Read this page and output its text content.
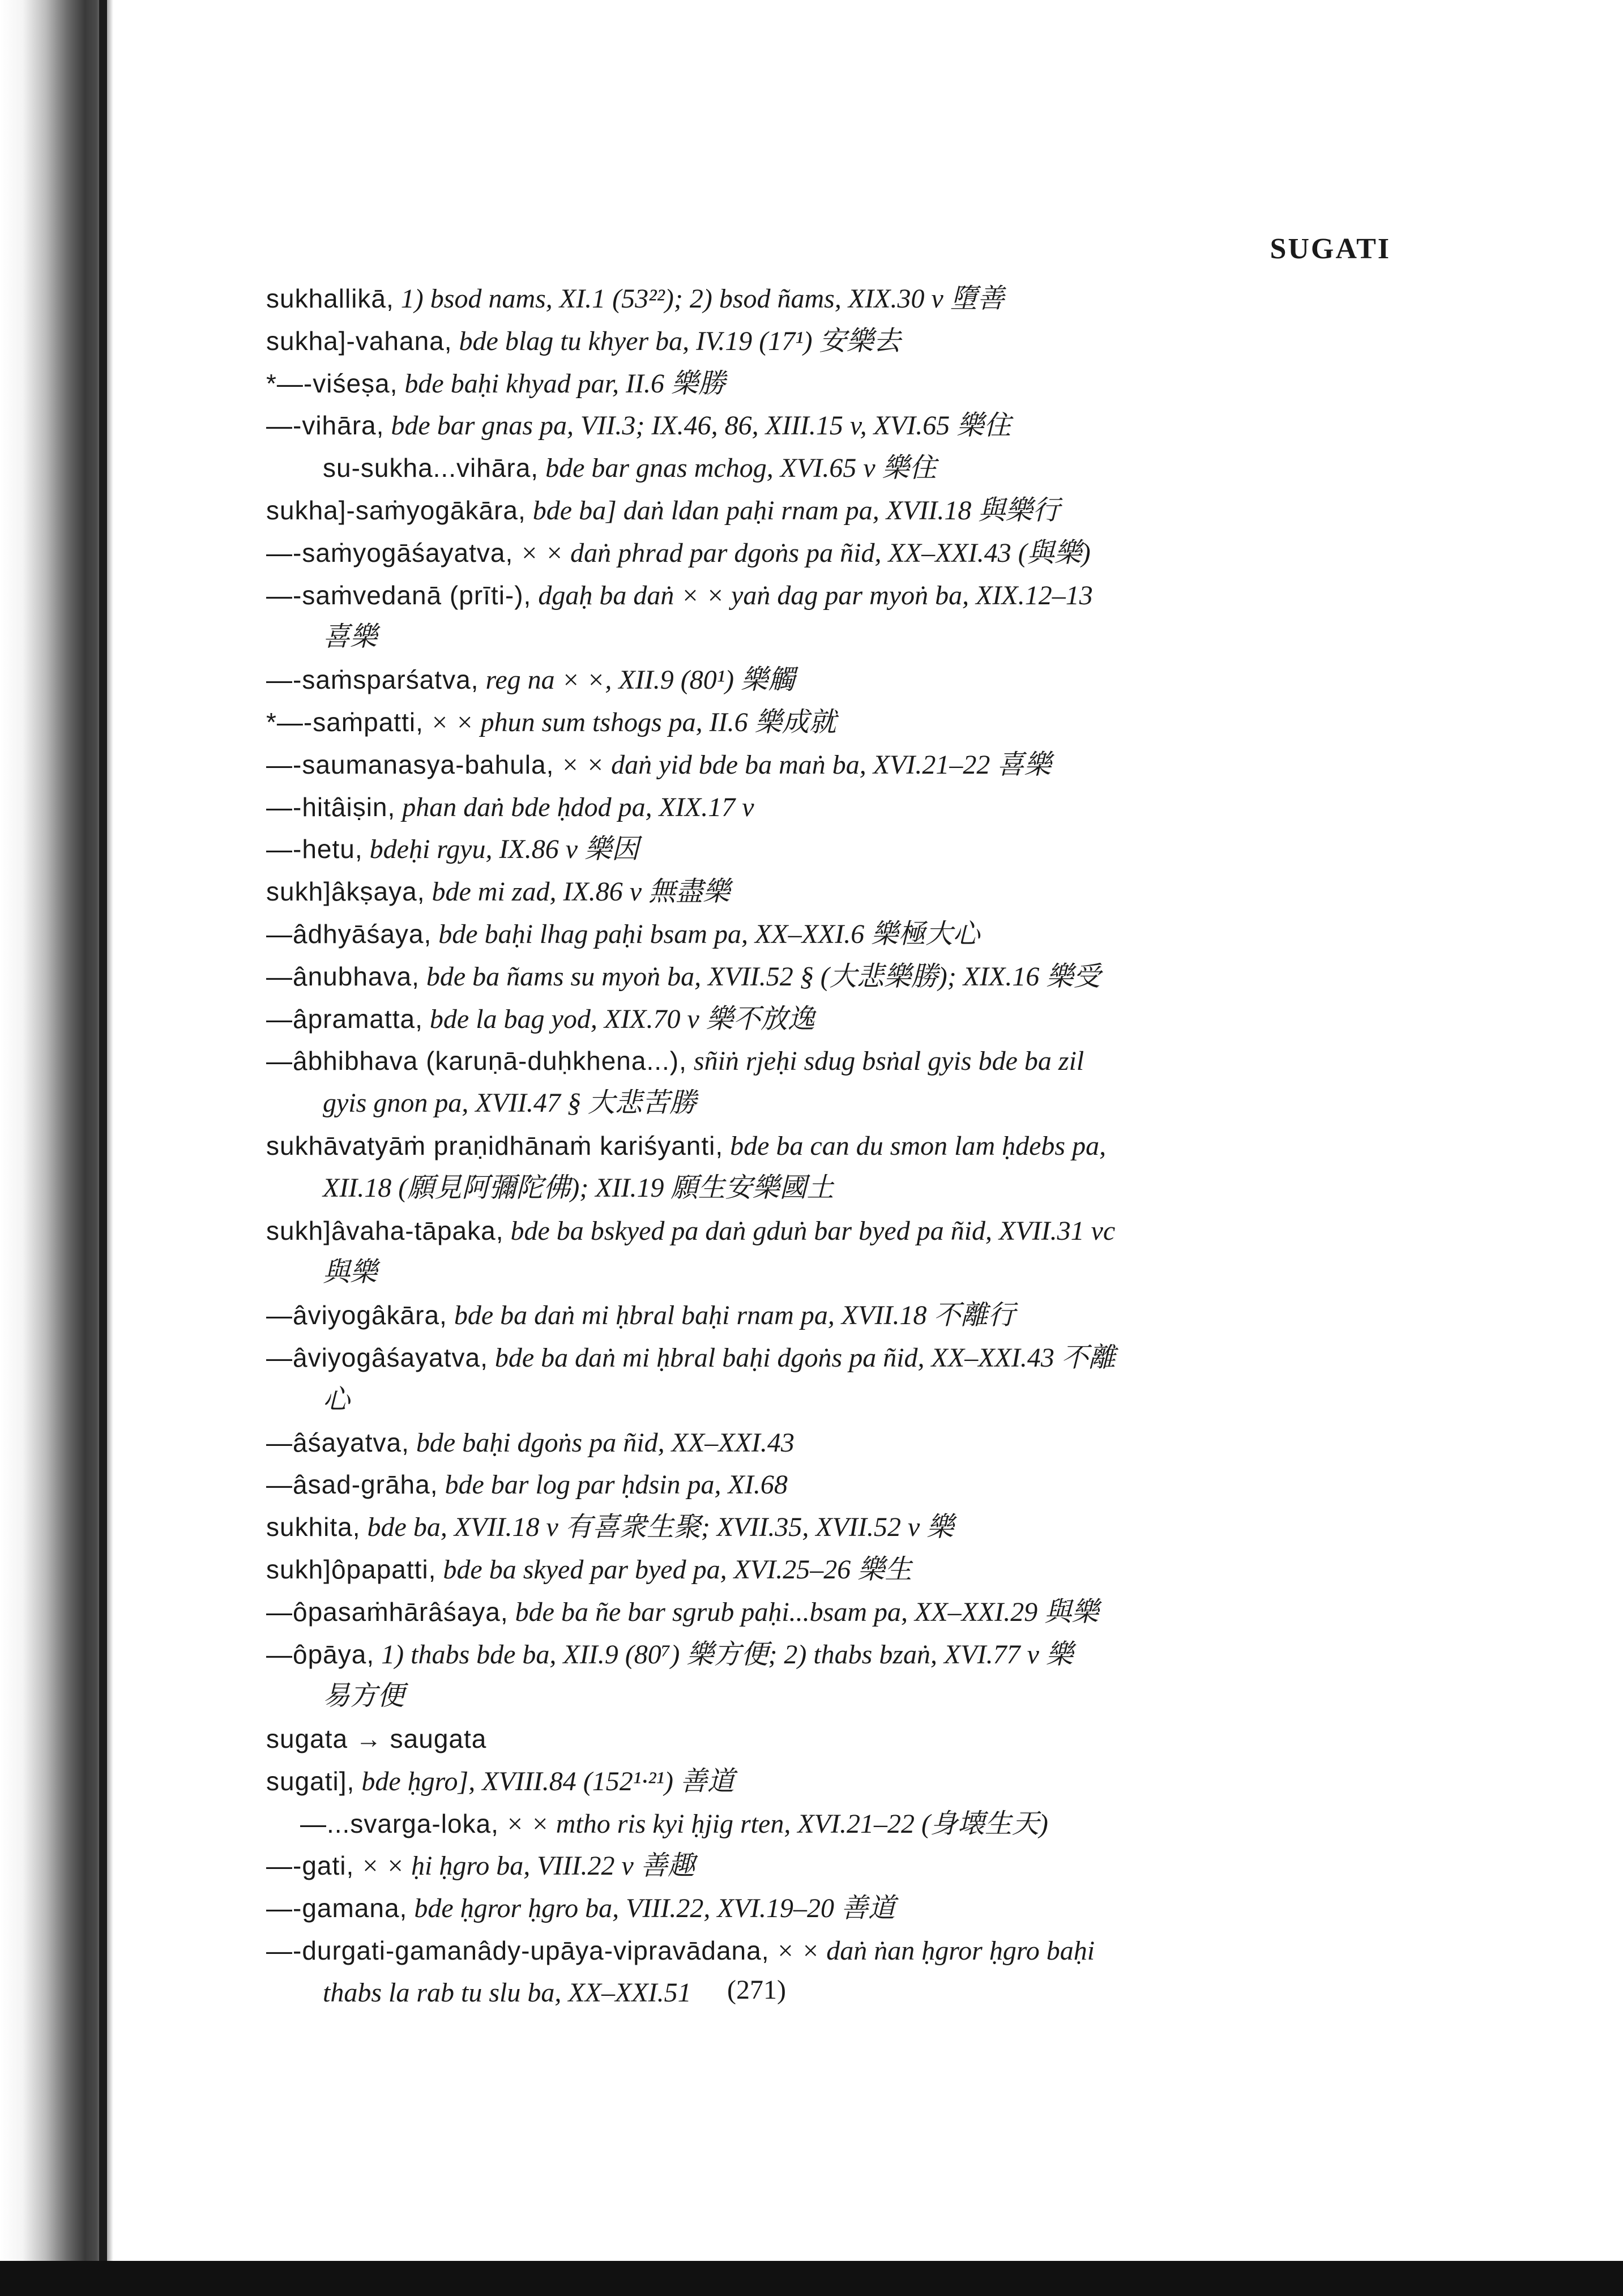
SUGATI
sukhallikā, 1) bsod nams, XI.1 (53²²); 2) bsod ñams, XIX.30 v 墮善
sukha]-vahana, bde blag tu khyer ba, IV.19 (17¹) 安樂去
*—-viśeṣa, bde baḥi khyad par, II.6 樂勝
—-vihāra, bde bar gnas pa, VII.3; IX.46, 86, XIII.15 v, XVI.65 樂住
su-sukha...vihāra, bde bar gnas mchog, XVI.65 v 樂住
sukha]-saṁyogākāra, bde ba] daṅ ldan paḥi rnam pa, XVII.18 與樂行
—-saṁyogāśayatva, × × daṅ phrad par dgoṅs pa ñid, XX–XXI.43 (與樂)
—-saṁvedanā (prīti-), dgaḥ ba daṅ × × yaṅ dag par myoṅ ba, XIX.12–13
喜樂
—-saṁsparśatva, reg na × ×, XII.9 (80¹) 樂觸
*—-saṁpatti, × × phun sum tshogs pa, II.6 樂成就
—-saumanasya-bahula, × × daṅ yid bde ba maṅ ba, XVI.21–22 喜樂
—-hitâiṣin, phan daṅ bde ḥdod pa, XIX.17 v
—-hetu, bdeḥi rgyu, IX.86 v 樂因
sukh]âkṣaya, bde mi zad, IX.86 v 無盡樂
—âdhyāśaya, bde baḥi lhag paḥi bsam pa, XX–XXI.6 樂極大心
—ânubhava, bde ba ñams su myoṅ ba, XVII.52 § (大悲樂勝); XIX.16 樂受
—âpramatta, bde la bag yod, XIX.70 v 樂不放逸
—âbhibhava (karuṇā-duḥkhena...), sñiṅ rjeḥi sdug bsṅal gyis bde ba zil
gyis gnon pa, XVII.47 § 大悲苦勝
sukhāvatyāṁ praṇidhānaṁ kariśyanti, bde ba can du smon lam ḥdebs pa,
XII.18 (願見阿彌陀佛); XII.19 願生安樂國土
sukh]âvaha-tāpaka, bde ba bskyed pa daṅ gduṅ bar byed pa ñid, XVII.31 vc
與樂
—âviyogâkāra, bde ba daṅ mi ḥbral baḥi rnam pa, XVII.18 不離行
—âviyogâśayatva, bde ba daṅ mi ḥbral baḥi dgoṅs pa ñid, XX–XXI.43 不離
心
—âśayatva, bde baḥi dgoṅs pa ñid, XX–XXI.43
—âsad-grāha, bde bar log par ḥdsin pa, XI.68
sukhita, bde ba, XVII.18 v 有喜衆生聚; XVII.35, XVII.52 v 樂
sukh]ôpapatti, bde ba skyed par byed pa, XVI.25–26 樂生
—ôpasaṁhārâśaya, bde ba ñe bar sgrub paḥi...bsam pa, XX–XXI.29 與樂
—ôpāya, 1) thabs bde ba, XII.9 (80⁷) 樂方便; 2) thabs bzaṅ, XVI.77 v 樂
易方便
sugata → saugata
sugati], bde ḥgro], XVIII.84 (152¹·²¹) 善道
—...svarga-loka, × × mtho ris kyi ḥjig rten, XVI.21–22 (身壊生天)
—-gati, × × ḥi ḥgro ba, VIII.22 v 善趣
—-gamana, bde ḥgror ḥgro ba, VIII.22, XVI.19–20 善道
—-durgati-gamanâdy-upāya-vipravādana, × × daṅ ṅan ḥgror ḥgro baḥi
thabs la rab tu slu ba, XX–XXI.51	(271)
